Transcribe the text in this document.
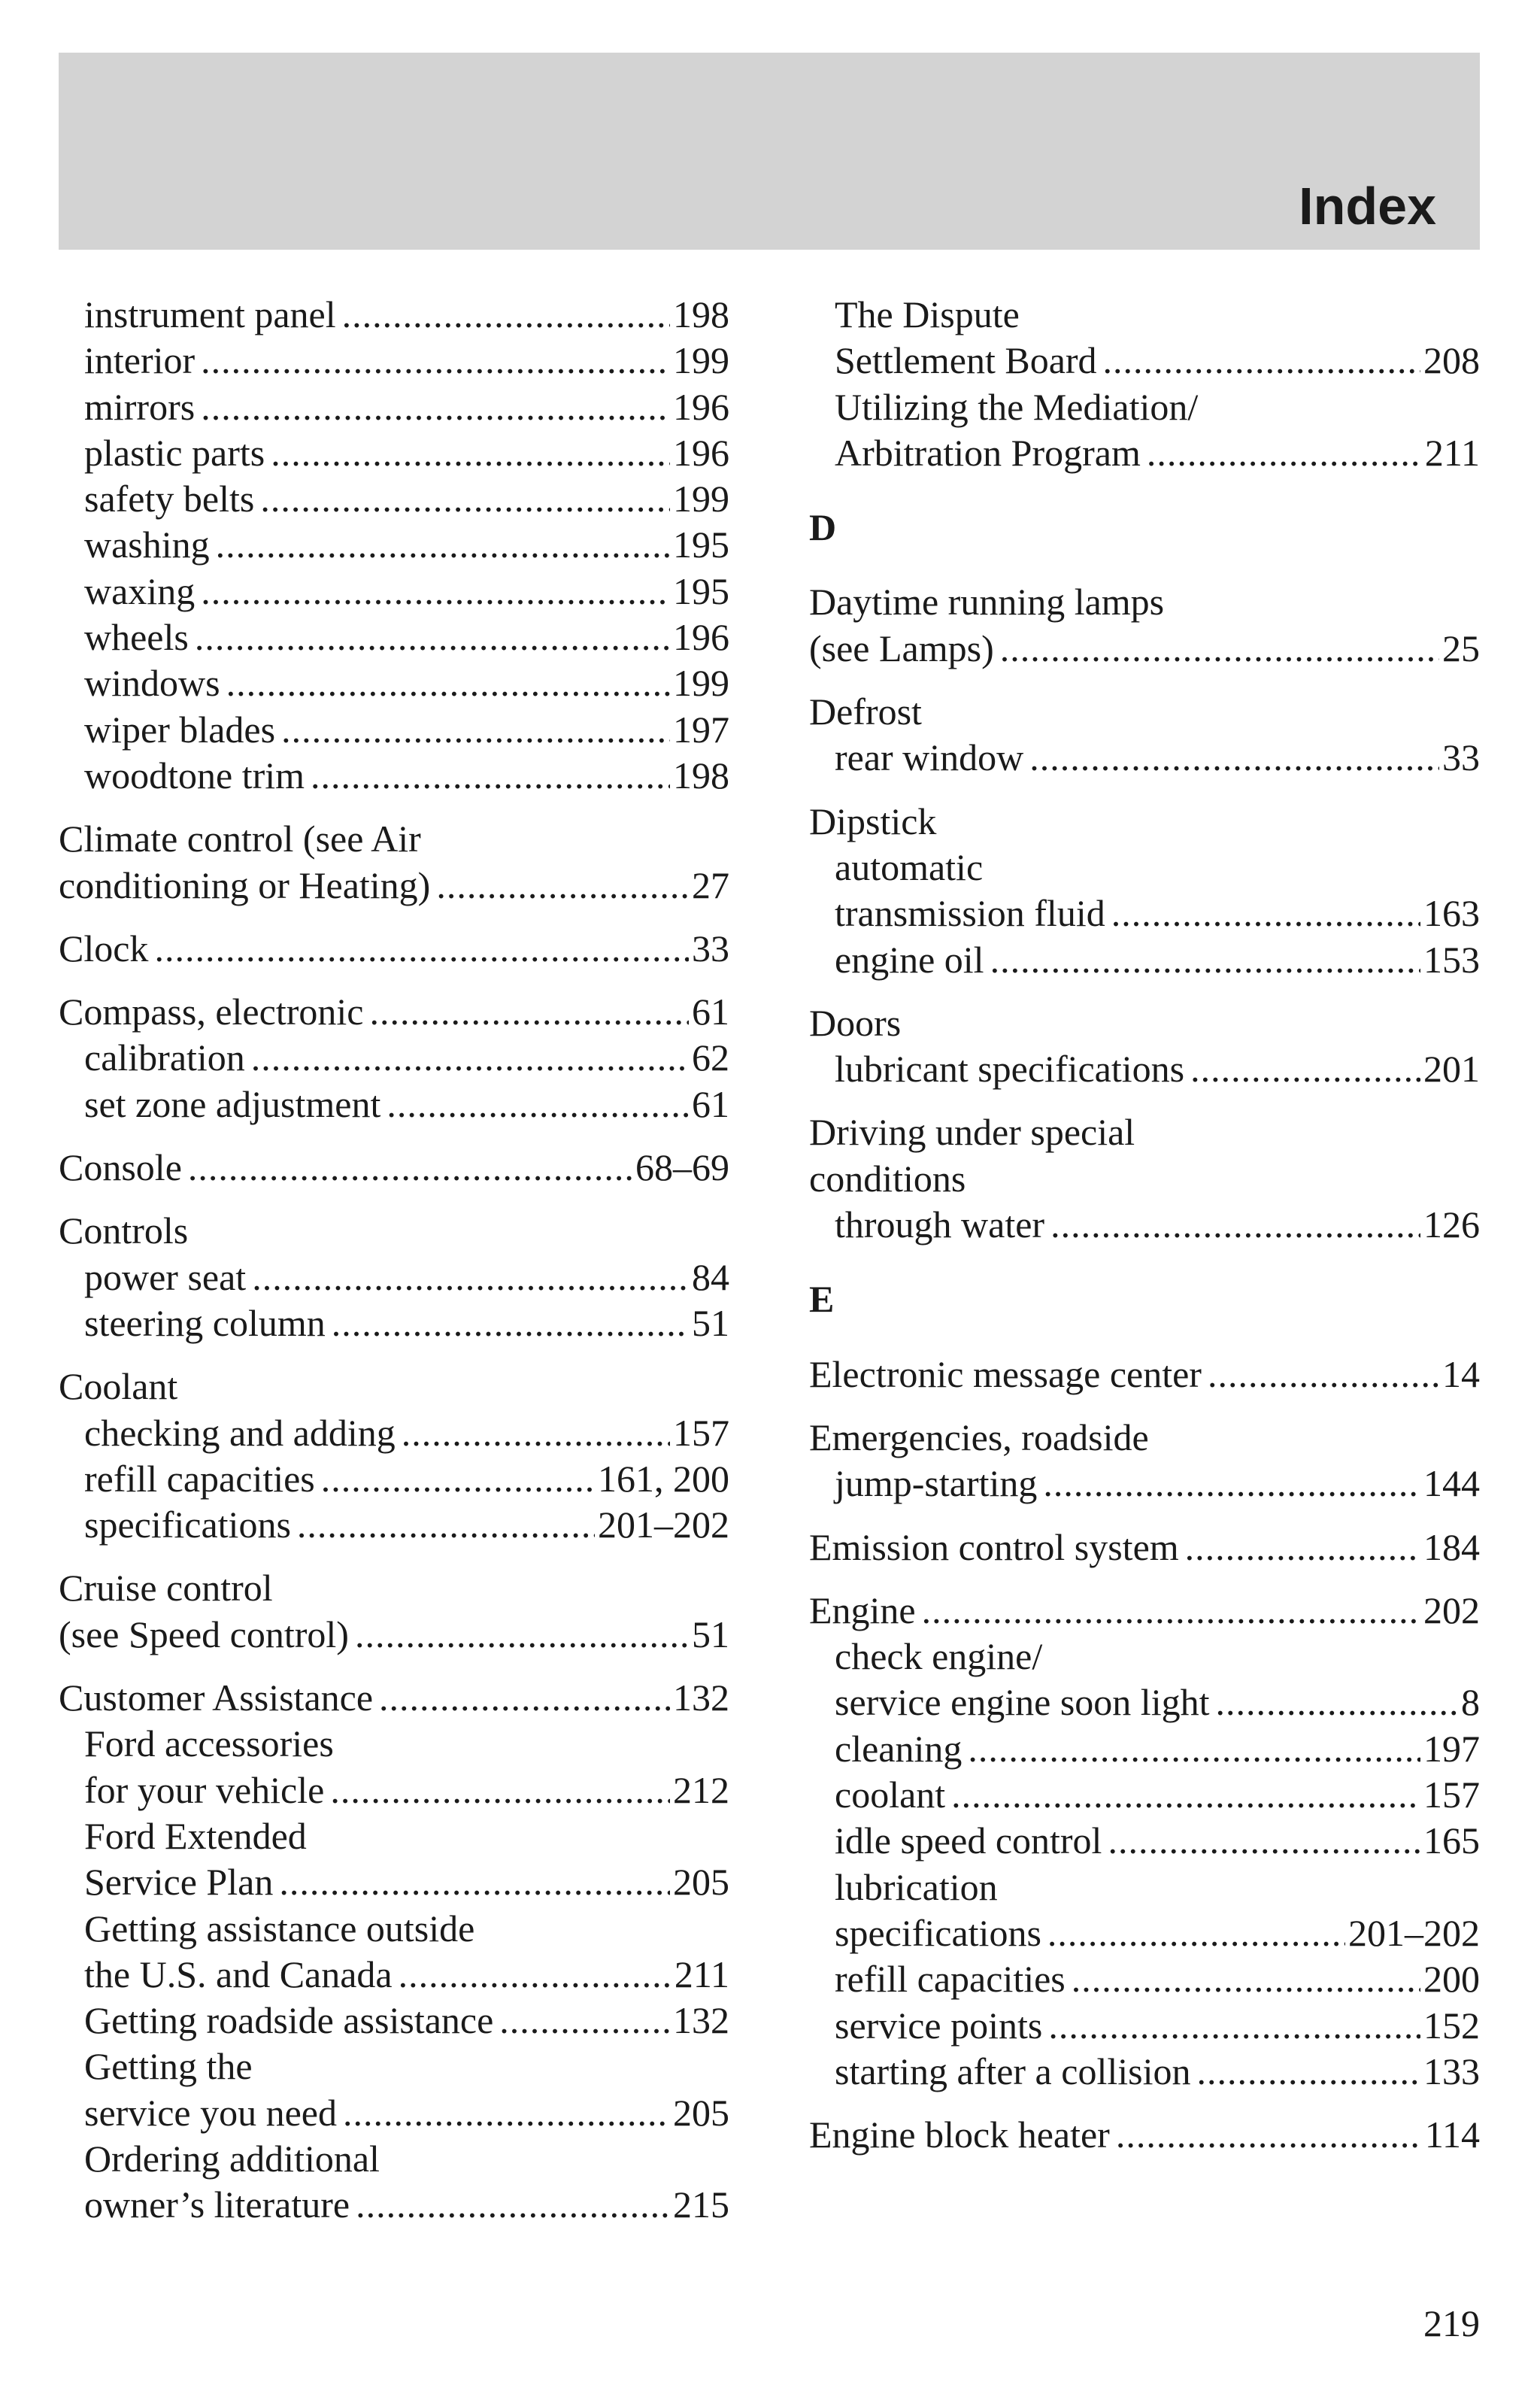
Index
instrument panel .....	198
interior .....	199
mirrors .....	196
plastic parts .....	196
safety belts .....	199
washing .....	195
waxing .....	195
wheels .....	196
windows .....	199
wiper blades .....	197
woodtone trim .....	198
Climate control (see Air
conditioning or Heating) .....	27
Clock .....	33
Compass, electronic .....	61
calibration .....	62
set zone adjustment .....	61
Console .....	68–69
Controls
power seat .....	84
steering column .....	51
Coolant
checking and adding .....	157
refill capacities .....	161, 200
specifications .....	201–202
Cruise control
(see Speed control) .....	51
Customer Assistance .....	132
Ford accessories
for your vehicle .....	212
Ford Extended
Service Plan .....	205
Getting assistance outside
the U.S. and Canada .....	211
Getting roadside assistance .....	132
Getting the
service you need .....	205
Ordering additional
owner’s literature .....	215
The Dispute
Settlement Board .....	208
Utilizing the Mediation/
Arbitration Program .....	211
D
Daytime running lamps
(see Lamps) .....	25
Defrost
rear window .....	33
Dipstick
automatic
transmission fluid .....	163
engine oil .....	153
Doors
lubricant specifications .....	201
Driving under special
conditions
through water .....	126
E
Electronic message center .....	14
Emergencies, roadside
jump-starting .....	144
Emission control system .....	184
Engine .....	202
check engine/
service engine soon light .....	8
cleaning .....	197
coolant .....	157
idle speed control .....	165
lubrication
specifications .....	201–202
refill capacities .....	200
service points .....	152
starting after a collision .....	133
Engine block heater .....	114
219
